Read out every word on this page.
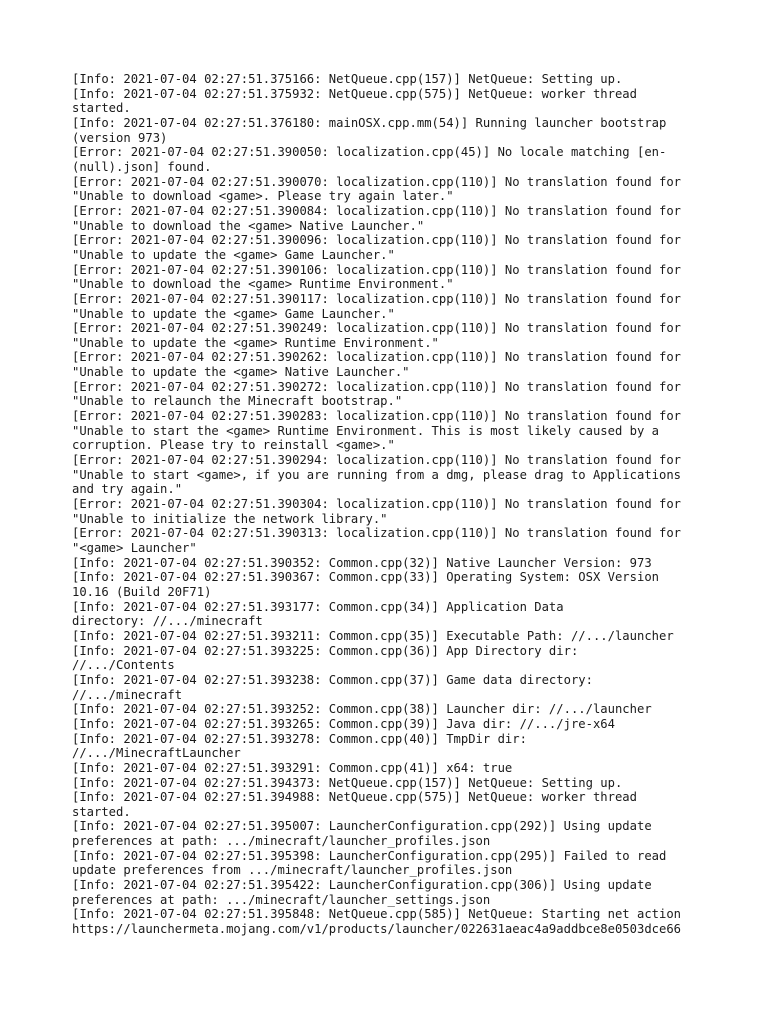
[Info: 2021-07-04 02:27:51.375166: NetQueue.cpp(157)] NetQueue: Setting up.
[Info: 2021-07-04 02:27:51.375932: NetQueue.cpp(575)] NetQueue: worker thread
started.
[Info: 2021-07-04 02:27:51.376180: mainOSX.cpp.mm(54)] Running launcher bootstrap
(version 973)
[Error: 2021-07-04 02:27:51.390050: localization.cpp(45)] No locale matching [en-
(null).json] found.
[Error: 2021-07-04 02:27:51.390070: localization.cpp(110)] No translation found for
"Unable to download <game>. Please try again later."
[Error: 2021-07-04 02:27:51.390084: localization.cpp(110)] No translation found for
"Unable to download the <game> Native Launcher."
[Error: 2021-07-04 02:27:51.390096: localization.cpp(110)] No translation found for
"Unable to update the <game> Game Launcher."
[Error: 2021-07-04 02:27:51.390106: localization.cpp(110)] No translation found for
"Unable to download the <game> Runtime Environment."
[Error: 2021-07-04 02:27:51.390117: localization.cpp(110)] No translation found for
"Unable to update the <game> Game Launcher."
[Error: 2021-07-04 02:27:51.390249: localization.cpp(110)] No translation found for
"Unable to update the <game> Runtime Environment."
[Error: 2021-07-04 02:27:51.390262: localization.cpp(110)] No translation found for
"Unable to update the <game> Native Launcher."
[Error: 2021-07-04 02:27:51.390272: localization.cpp(110)] No translation found for
"Unable to relaunch the Minecraft bootstrap."
[Error: 2021-07-04 02:27:51.390283: localization.cpp(110)] No translation found for
"Unable to start the <game> Runtime Environment. This is most likely caused by a
corruption. Please try to reinstall <game>."
[Error: 2021-07-04 02:27:51.390294: localization.cpp(110)] No translation found for
"Unable to start <game>, if you are running from a dmg, please drag to Applications
and try again."
[Error: 2021-07-04 02:27:51.390304: localization.cpp(110)] No translation found for
"Unable to initialize the network library."
[Error: 2021-07-04 02:27:51.390313: localization.cpp(110)] No translation found for
"<game> Launcher"
[Info: 2021-07-04 02:27:51.390352: Common.cpp(32)] Native Launcher Version: 973
[Info: 2021-07-04 02:27:51.390367: Common.cpp(33)] Operating System: OSX Version
10.16 (Build 20F71)
[Info: 2021-07-04 02:27:51.393177: Common.cpp(34)] Application Data
directory: //.../minecraft
[Info: 2021-07-04 02:27:51.393211: Common.cpp(35)] Executable Path: //.../launcher
[Info: 2021-07-04 02:27:51.393225: Common.cpp(36)] App Directory dir:
//.../Contents
[Info: 2021-07-04 02:27:51.393238: Common.cpp(37)] Game data directory:
//.../minecraft
[Info: 2021-07-04 02:27:51.393252: Common.cpp(38)] Launcher dir: //.../launcher
[Info: 2021-07-04 02:27:51.393265: Common.cpp(39)] Java dir: //.../jre-x64
[Info: 2021-07-04 02:27:51.393278: Common.cpp(40)] TmpDir dir:
//.../MinecraftLauncher
[Info: 2021-07-04 02:27:51.393291: Common.cpp(41)] x64: true
[Info: 2021-07-04 02:27:51.394373: NetQueue.cpp(157)] NetQueue: Setting up.
[Info: 2021-07-04 02:27:51.394988: NetQueue.cpp(575)] NetQueue: worker thread
started.
[Info: 2021-07-04 02:27:51.395007: LauncherConfiguration.cpp(292)] Using update
preferences at path: .../minecraft/launcher_profiles.json
[Info: 2021-07-04 02:27:51.395398: LauncherConfiguration.cpp(295)] Failed to read
update preferences from .../minecraft/launcher_profiles.json
[Info: 2021-07-04 02:27:51.395422: LauncherConfiguration.cpp(306)] Using update
preferences at path: .../minecraft/launcher_settings.json
[Info: 2021-07-04 02:27:51.395848: NetQueue.cpp(585)] NetQueue: Starting net action
https://launchermeta.mojang.com/v1/products/launcher/022631aeac4a9addbce8e0503dce66
